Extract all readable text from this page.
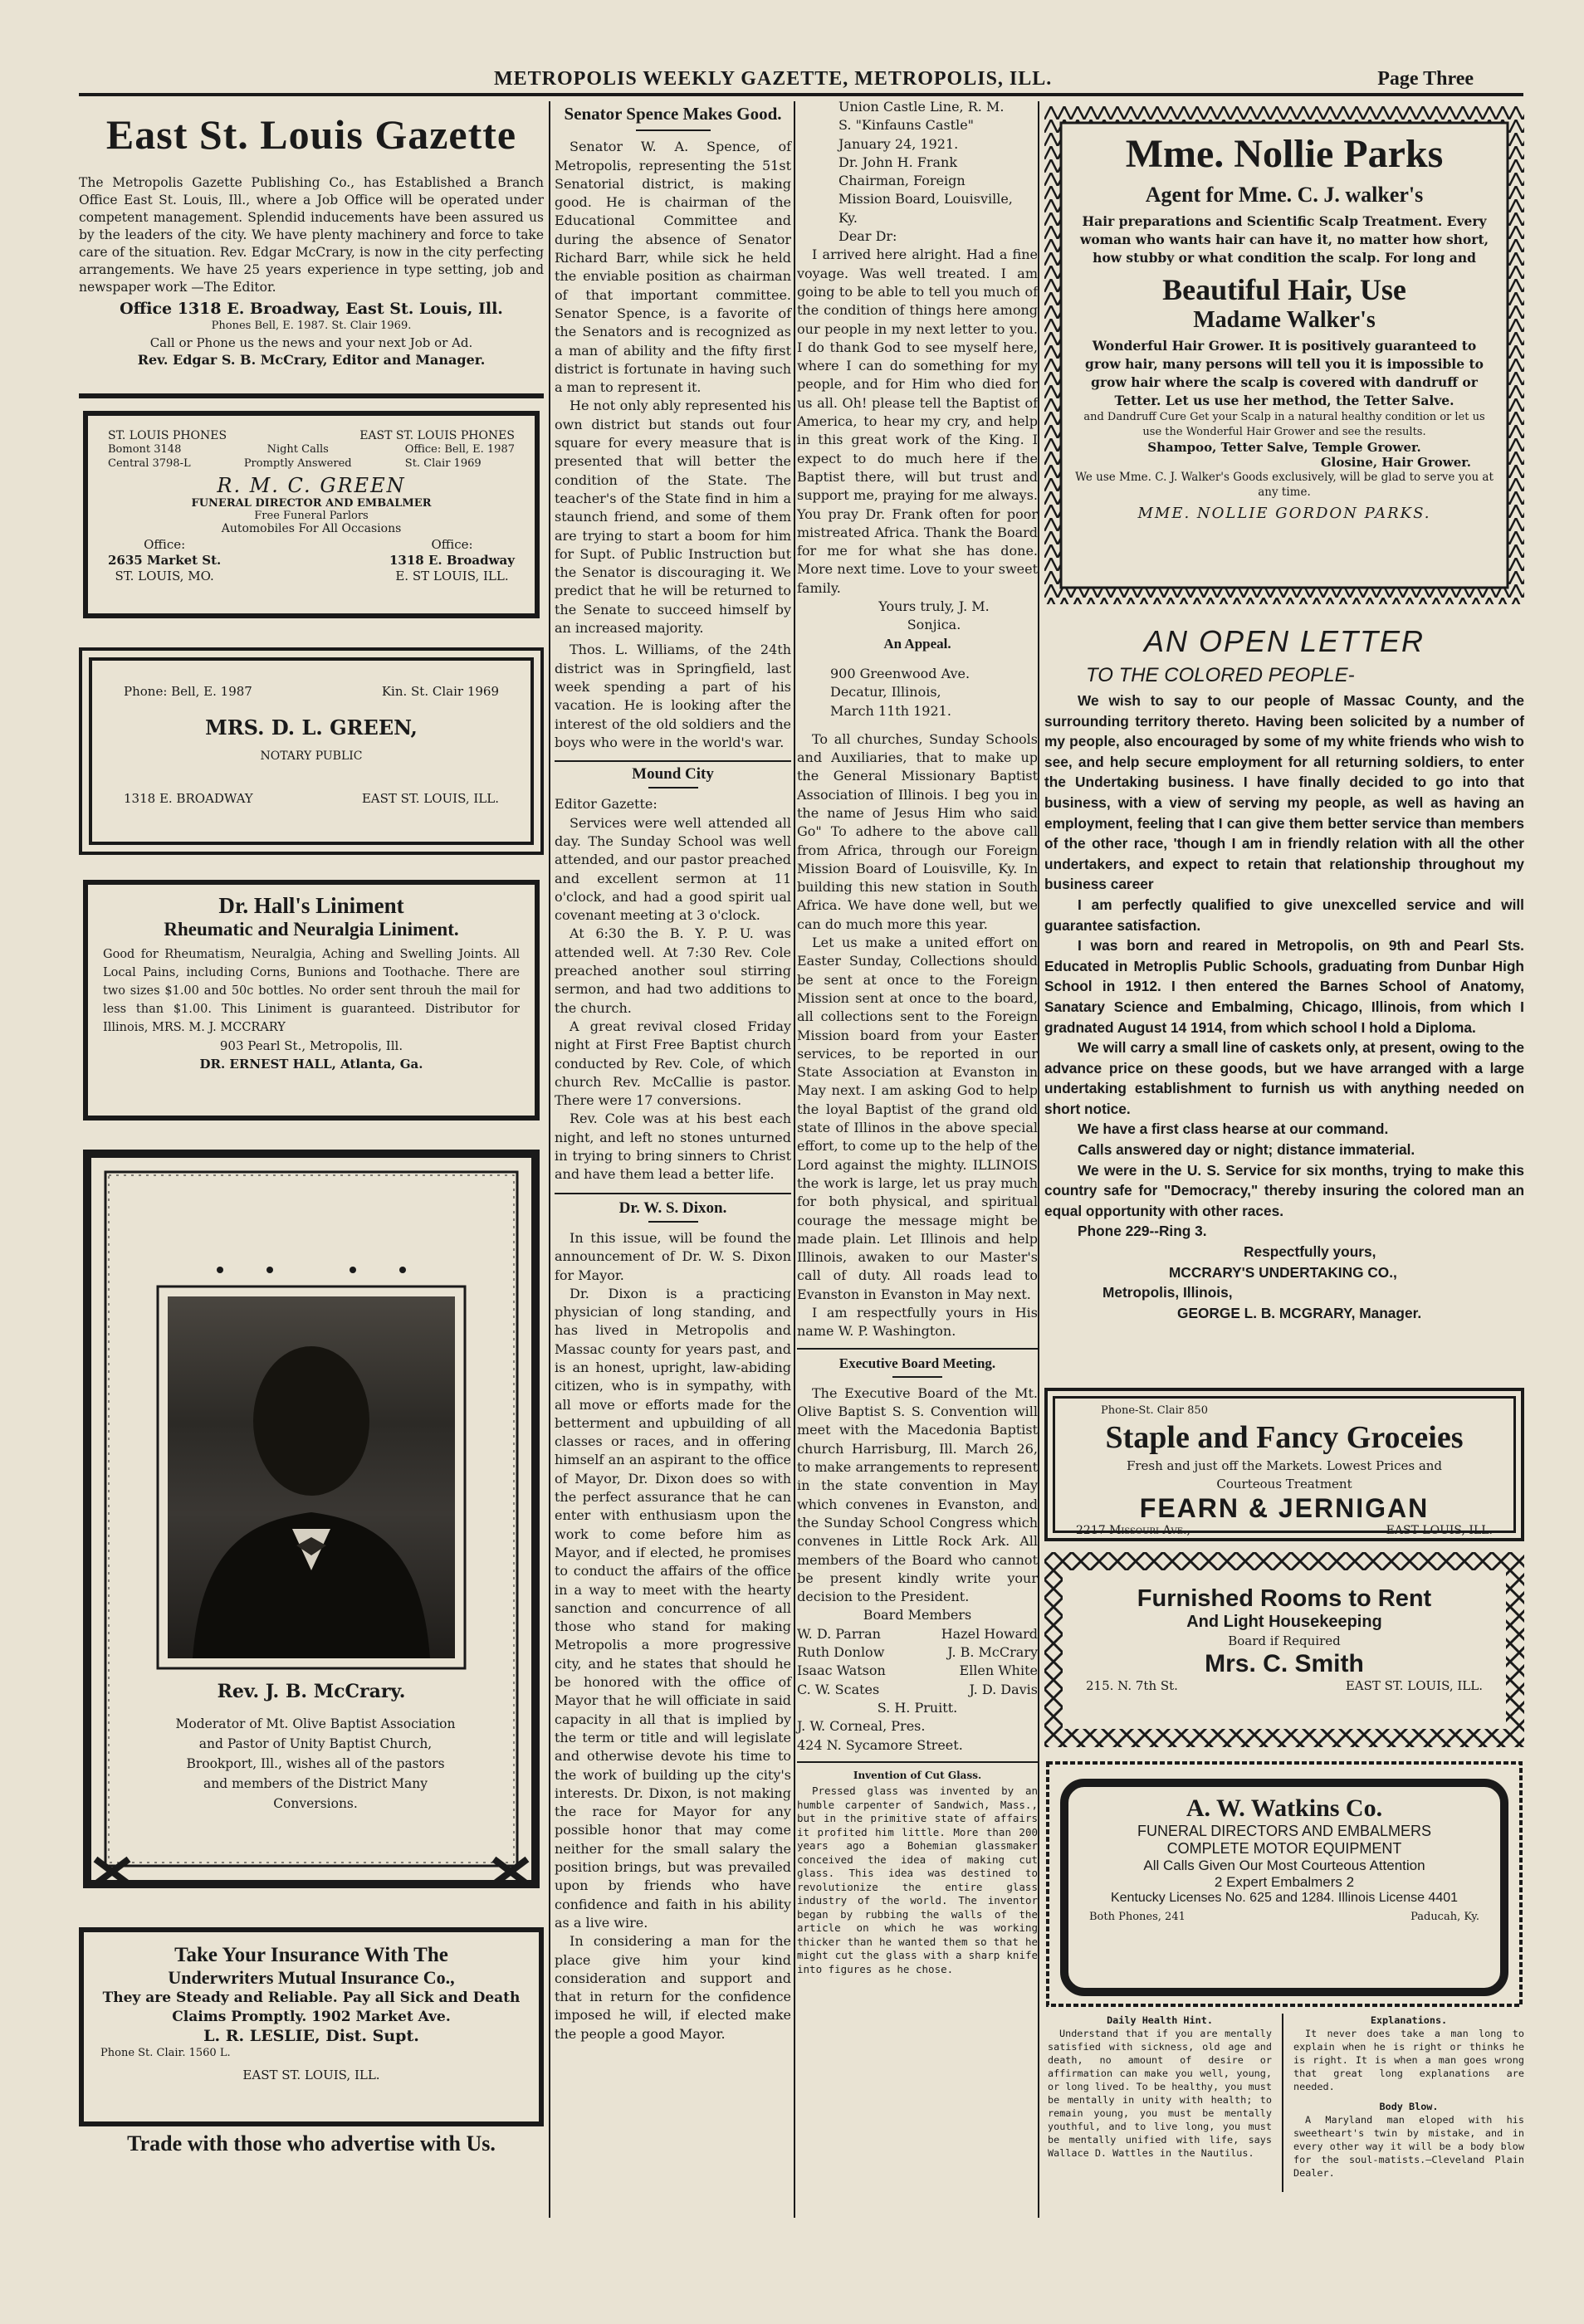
METROPOLIS WEEKLY GAZETTE, METROPOLIS, ILL.	Page Three
East St. Louis Gazette

The Metropolis Gazette Publishing Co., has Established a Branch Office East St. Louis, Ill., where a Job Office will be operated under competent management. Splendid inducements have been assured us by the leaders of the city. We have plenty machinery and force to take care of the situation. Rev. Edgar McCrary, is now in the city perfecting arrangements. We have 25 years experience in type setting, job and newspaper work —The Editor.

Office 1318 E. Broadway, East St. Louis, Ill.

Phones Bell, E. 1987. St. Clair 1969.

Call or Phone us the news and your next Job or Ad.

Rev. Edgar S. B. McCrary, Editor and Manager.

ST. LOUIS PHONES	EAST ST. LOUIS PHONES
Bomont 3148
Central 3798-L
Night Calls
Promptly Answered
Office: Bell, E. 1987
St. Clair 1969

R. M. C. GREEN

FUNERAL DIRECTOR AND EMBALMER

Free Funeral Parlors

Automobiles For All Occasions

Office:
2635 Market St.
ST. LOUIS, MO.
Office:
1318 E. Broadway
E. ST LOUIS, ILL.
Phone: Bell, E. 1987	Kin. St. Clair 1969

MRS. D. L. GREEN,

NOTARY PUBLIC

1318 E. BROADWAY	EAST ST. LOUIS, ILL.

Dr. Hall's Liniment

Rheumatic and Neuralgia Liniment.

Good for Rheumatism, Neuralgia, Aching and Swelling Joints. All Local Pains, including Corns, Bunions and Toothache. There are two sizes $1.00 and 50c bottles. No order sent throuh the mail for less than $1.00. This Liniment is guaranteed. Distributor for Illinois, MRS. M. J. MCCRARY

903 Pearl St., Metropolis, Ill.

DR. ERNEST HALL, Atlanta, Ga.

Rev. J. B. McCrary.

Moderator of Mt. Olive Baptist Association and Pastor of Unity Baptist Church, Brookport, Ill., wishes all of the pastors and members of the District Many Conversions.

Take Your Insurance With The

Underwriters Mutual Insurance Co.,

They are Steady and Reliable. Pay all Sick and Death Claims Promptly. 1902 Market Ave.

L. R. LESLIE, Dist. Supt.

Phone St. Clair. 1560 L.

EAST ST. LOUIS, ILL.

Trade with those who advertise with Us.

Senator Spence Makes Good.

Senator W. A. Spence, of Metropolis, representing the 51st Senatorial district, is making good. He is chairman of the Educational Committee and during the absence of Senator Richard Barr, while sick he held the enviable position as chairman of that important committee. Senator Spence, is a favorite of the Senators and is recognized as a man of ability and the fifty first district is fortunate in having such a man to represent it.

He not only ably represented his own district but stands out four square for every measure that is presented that will better the condition of the State. The teacher's of the State find in him a staunch friend, and some of them are trying to start a boom for him for Supt. of Public Instruction but the Senator is discouraging it. We predict that he will be returned to the Senate to succeed himself by an increased majority.

Thos. L. Williams, of the 24th district was in Springfield, last week spending a part of his vacation. He is looking after the interest of the old soldiers and the boys who were in the world's war.

Mound City

Editor Gazette:

Services were well attended all day. The Sunday School was well attended, and our pastor preached and excellent sermon at 11 o'clock, and had a good spirit ual covenant meeting at 3 o'clock.

At 6:30 the B. Y. P. U. was attended well. At 7:30 Rev. Cole preached another soul stirring sermon, and had two additions to the church.

A great revival closed Friday night at First Free Baptist church conducted by Rev. Cole, of which church Rev. McCallie is pastor. There were 17 conversions.

Rev. Cole was at his best each night, and left no stones unturned in trying to bring sinners to Christ and have them lead a better life.

Dr. W. S. Dixon.

In this issue, will be found the announcement of Dr. W. S. Dixon for Mayor.

Dr. Dixon is a practicing physician of long standing, and has lived in Metropolis and Massac county for years past, and is an honest, upright, law-abiding citizen, who is in sympathy, with all move or efforts made for the betterment and upbuilding of all classes or races, and in offering himself an an aspirant to the office of Mayor, Dr. Dixon does so with the perfect assurance that he can enter with enthusiasm upon the work to come before him as Mayor, and if elected, he promises to conduct the affairs of the office in a way to meet with the hearty sanction and concurrence of all those who stand for making Metropolis a more progressive city, and he states that should he be honored with the office of Mayor that he will officiate in said capacity in all that is implied by the term or title and will legislate and otherwise devote his time to the work of building up the city's interests. Dr. Dixon, is not making the race for Mayor for any possible honor that may come neither for the small salary the position brings, but was prevailed upon by friends who have confidence and faith in his ability as a live wire.

In considering a man for the place give him your kind consideration and support and that in return for the confidence imposed he will, if elected make the people a good Mayor.

Union Castle Line, R. M. S. "Kinfauns Castle" January 24, 1921.

Dr. John H. Frank Chairman, Foreign Mission Board, Louisville, Ky.

Dear Dr:

I arrived here alright. Had a fine voyage. Was well treated. I am going to be able to tell you much of the condition of things here among our people in my next letter to you. I do thank God to see myself here, where I can do something for my people, and for Him who died for us all. Oh! please tell the Baptist of America, to hear my cry, and help in this great work of the King. I expect to do much here if the Baptist there, will but trust and support me, praying for me always. You pray Dr. Frank often for poor mistreated Africa. Thank the Board for me for what she has done. More next time. Love to your sweet family.

Yours truly, J. M. Sonjica.

An Appeal.

900 Greenwood Ave. Decatur, Illinois, March 11th 1921.

To all churches, Sunday Schools and Auxiliaries, that to make up the General Missionary Baptist Association of Illinois. I beg you in the name of Jesus Him who said Go" To adhere to the above call from Africa, through our Foreign Mission Board of Louisville, Ky. In building this new station in South Africa. We have done well, but we can do much more this year.

Let us make a united effort on Easter Sunday, Collections should be sent at once to the Foreign Mission sent at once to the board, all collections sent to the Foreign Mission board from your Easter services, to be reported in our State Association at Evanston in May next. I am asking God to help the loyal Baptist of the grand old state of Illinos in the above special effort, to come up to the help of the Lord against the mighty. ILLINOIS the work is large, let us pray much for both physical, and spiritual courage the message might be made plain. Let Illinois and help Illinois, awaken to our Master's call of duty. All roads lead to Evanston in Evanston in May next.

I am respectfully yours in His name W. P. Washington.

Executive Board Meeting.

The Executive Board of the Mt. Olive Baptist S. S. Convention will meet with the Macedonia Baptist church Harrisburg, Ill. March 26, to make arrangements to represent in the state convention in May which convenes in Evanston, and the Sunday School Congress which convenes in Little Rock Ark. All members of the Board who cannot be present kindly write your decision to the President.

Board Members

W. D. Parran	Hazel Howard
Ruth Donlow	J. B. McCrary
Isaac Watson	Ellen White
C. W. Scates	J. D. Davis

S. H. Pruitt.

J. W. Corneal, Pres.

424 N. Sycamore Street.

Invention of Cut Glass.

Pressed glass was invented by an humble carpenter of Sandwich, Mass., but in the primitive state of affairs it profited him little. More than 200 years ago a Bohemian glassmaker conceived the idea of making cut glass. This idea was destined to revolutionize the entire glass industry of the world. The inventor began by rubbing the walls of the article on which he was working thicker than he wanted them so that he might cut the glass with a sharp knife into figures as he chose.

Mme. Nollie Parks

Agent for Mme. C. J. walker's

Hair preparations and Scientific Scalp Treatment. Every woman who wants hair can have it, no matter how short, how stubby or what condition the scalp. For long and

Beautiful Hair, Use

Madame Walker's

Wonderful Hair Grower. It is positively guaranteed to grow hair, many persons will tell you it is impossible to grow hair where the scalp is covered with dandruff or Tetter. Let us use her method, the Tetter Salve.

and Dandruff Cure Get your Scalp in a natural healthy condition or let us use the Wonderful Hair Grower and see the results.

Shampoo, Tetter Salve, Temple Grower.

Glosine, Hair Grower.

We use Mme. C. J. Walker's Goods exclusively, will be glad to serve you at any time.

MME. NOLLIE GORDON PARKS.

AN OPEN LETTER

TO THE COLORED PEOPLE-

We wish to say to our people of Massac County, and the surrounding territory thereto. Having been solicited by a number of my people, also encouraged by some of my white friends who wish to see, and help secure employment for all returning soldiers, to enter the Undertaking business. I have finally decided to go into that business, with a view of serving my people, as well as having an employment, feeling that I can give them better service than members of the other race, 'though I am in friendly relation with all the other undertakers, and expect to retain that relationship throughout my business career

I am perfectly qualified to give unexcelled service and will guarantee satisfaction.

I was born and reared in Metropolis, on 9th and Pearl Sts. Educated in Metroplis Public Schools, graduating from Dunbar High School in 1912. I then entered the Barnes School of Anatomy, Sanatary Science and Embalming, Chicago, Illinois, from which I gradnated August 14 1914, from which school I hold a Diploma.

We will carry a small line of caskets only, at present, owing to the advance price on these goods, but we have arranged with a large undertaking establishment to furnish us with anything needed on short notice.

We have a first class hearse at our command.

Calls answered day or night; distance immaterial.

We were in the U. S. Service for six months, trying to make this country safe for "Democracy," thereby insuring the colored man an equal opportunity with other races.

Phone 229--Ring 3.

Respectfully yours,

MCCRARY'S UNDERTAKING CO.,

Metropolis, Illinois,

GEORGE L. B. MCGRARY, Manager.

Phone-St. Clair 850

Staple and Fancy Groceies

Fresh and just off the Markets. Lowest Prices and

Courteous Treatment

FEARN & JERNIGAN

2217 Missouri Ave.,	EAST LOUIS, ILL.

Furnished Rooms to Rent

And Light Housekeeping

Board if Required

Mrs. C. Smith

215. N. 7th St.	EAST ST. LOUIS, ILL.

A. W. Watkins Co.

FUNERAL DIRECTORS AND EMBALMERS

COMPLETE MOTOR EQUIPMENT

All Calls Given Our Most Courteous Attention

2 Expert Embalmers 2

Kentucky Licenses No. 625 and 1284. Illinois License 4401

Both Phones, 241	Paducah, Ky.

Daily Health Hint.

Understand that if you are mentally satisfied with sickness, old age and death, no amount of desire or affirmation can make you well, young, or long lived. To be healthy, you must be mentally in unity with health; to remain young, you must be mentally youthful, and to live long, you must be mentally unified with life, says Wallace D. Wattles in the Nautilus.

Explanations.

It never does take a man long to explain when he is right or thinks he is right. It is when a man goes wrong that great long explanations are needed.

Body Blow.

A Maryland man eloped with his sweetheart's twin by mistake, and in every other way it will be a body blow for the soul-matists.—Cleveland Plain Dealer.
